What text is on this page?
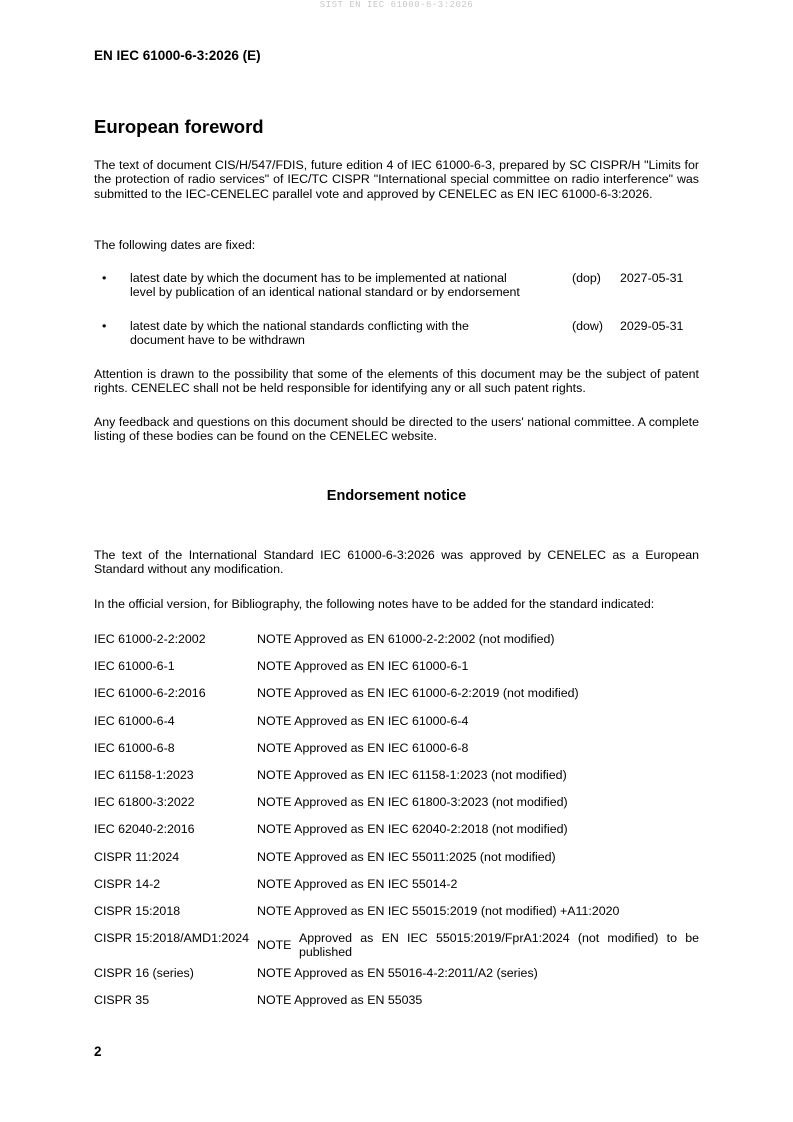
SIST EN IEC 61000-6-3:2026
EN IEC 61000-6-3:2026 (E)
European foreword
The text of document CIS/H/547/FDIS, future edition 4 of IEC 61000-6-3, prepared by SC CISPR/H "Limits for the protection of radio services" of IEC/TC CISPR "International special committee on radio interference" was submitted to the IEC-CENELEC parallel vote and approved by CENELEC as EN IEC 61000-6-3:2026.
The following dates are fixed:
• latest date by which the document has to be implemented at national
level by publication of an identical national standard or by endorsement
(dop) 2027-05-31
• latest date by which the national standards conflicting with the
document have to be withdrawn
(dow) 2029-05-31
Attention is drawn to the possibility that some of the elements of this document may be the subject of patent rights. CENELEC shall not be held responsible for identifying any or all such patent rights.
Any feedback and questions on this document should be directed to the users' national committee. A complete listing of these bodies can be found on the CENELEC website.
Endorsement notice
The text of the International Standard IEC 61000-6-3:2026 was approved by CENELEC as a European Standard without any modification.
In the official version, for Bibliography, the following notes have to be added for the standard indicated:
IEC 61000-2-2:2002	NOTE Approved as EN 61000-2-2:2002 (not modified)
IEC 61000-6-1	NOTE Approved as EN IEC 61000-6-1
IEC 61000-6-2:2016	NOTE Approved as EN IEC 61000-6-2:2019 (not modified)
IEC 61000-6-4	NOTE Approved as EN IEC 61000-6-4
IEC 61000-6-8	NOTE Approved as EN IEC 61000-6-8
IEC 61158-1:2023	NOTE Approved as EN IEC 61158-1:2023 (not modified)
IEC 61800-3:2022	NOTE Approved as EN IEC 61800-3:2023 (not modified)
IEC 62040-2:2016	NOTE Approved as EN IEC 62040-2:2018 (not modified)
CISPR 11:2024	NOTE Approved as EN IEC 55011:2025 (not modified)
CISPR 14-2	NOTE Approved as EN IEC 55014-2
CISPR 15:2018	NOTE Approved as EN IEC 55015:2019 (not modified) +A11:2020
CISPR 15:2018/AMD1:2024 NOTE Approved as EN IEC 55015:2019/FprA1:2024 (not modified) to be published
CISPR 16 (series)	NOTE Approved as EN 55016-4-2:2011/A2 (series)
CISPR 35	NOTE Approved as EN 55035
2
